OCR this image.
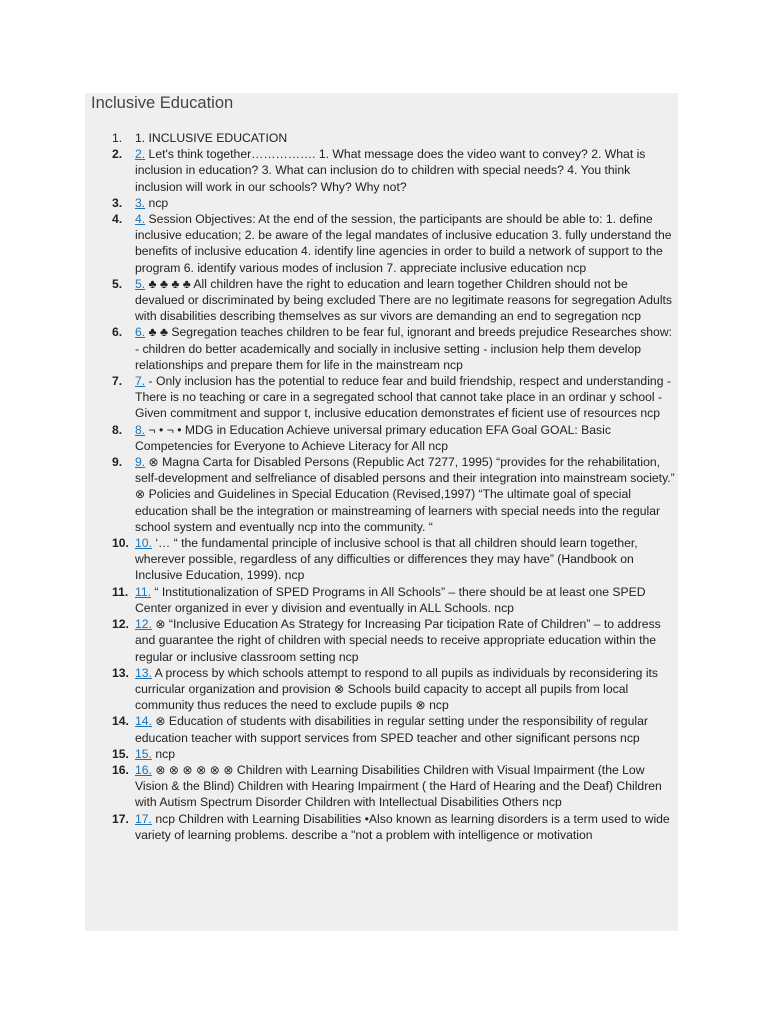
Inclusive Education
1. 1. INCLUSIVE EDUCATION
2. 2. Let's think together……………. 1. What message does the video want to convey? 2. What is inclusion in education? 3. What can inclusion do to children with special needs? 4. You think inclusion will work in our schools? Why? Why not?
3. 3. ncp
4. 4. Session Objectives: At the end of the session, the participants are should be able to: 1. define inclusive education; 2. be aware of the legal mandates of inclusive education 3. fully understand the benefits of inclusive education 4. identify line agencies in order to build a network of support to the program 6. identify various modes of inclusion 7. appreciate inclusive education ncp
5. 5. ♣ ♣ ♣ ♣ All children have the right to education and learn together Children should not be devalued or discriminated by being excluded There are no legitimate reasons for segregation Adults with disabilities describing themselves as sur vivors are demanding an end to segregation ncp
6. 6. ♣ ♣ Segregation teaches children to be fear ful, ignorant and breeds prejudice Researches show: - children do better academically and socially in inclusive setting - inclusion help them develop relationships and prepare them for life in the mainstream ncp
7. 7. - Only inclusion has the potential to reduce fear and build friendship, respect and understanding - There is no teaching or care in a segregated school that cannot take place in an ordinar y school - Given commitment and suppor t, inclusive education demonstrates ef ficient use of resources ncp
8. 8. ¬ • ¬ • MDG in Education Achieve universal primary education EFA Goal GOAL: Basic Competencies for Everyone to Achieve Literacy for All ncp
9. 9. ⊗ Magna Carta for Disabled Persons (Republic Act 7277, 1995) “provides for the rehabilitation, self-development and selfreliance of disabled persons and their integration into mainstream society.” ⊗ Policies and Guidelines in Special Education (Revised,1997) “The ultimate goal of special education shall be the integration or mainstreaming of learners with special needs into the regular school system and eventually ncp into the community. “
10. 10. ‘… “ the fundamental principle of inclusive school is that all children should learn together, wherever possible, regardless of any difficulties or differences they may have” (Handbook on Inclusive Education, 1999). ncp
11. 11. “ Institutionalization of SPED Programs in All Schools” – there should be at least one SPED Center organized in ever y division and eventually in ALL Schools. ncp
12. 12. ⊗ “Inclusive Education As Strategy for Increasing Par ticipation Rate of Children” – to address and guarantee the right of children with special needs to receive appropriate education within the regular or inclusive classroom setting ncp
13. 13. A process by which schools attempt to respond to all pupils as individuals by reconsidering its curricular organization and provision ⊗ Schools build capacity to accept all pupils from local community thus reduces the need to exclude pupils ⊗ ncp
14. 14. ⊗ Education of students with disabilities in regular setting under the responsibility of regular education teacher with support services from SPED teacher and other significant persons ncp
15. 15. ncp
16. 16. ⊗ ⊗ ⊗ ⊗ ⊗ ⊗ Children with Learning Disabilities Children with Visual Impairment (the Low Vision & the Blind) Children with Hearing Impairment ( the Hard of Hearing and the Deaf) Children with Autism Spectrum Disorder Children with Intellectual Disabilities Others ncp
17. 17. ncp Children with Learning Disabilities •Also known as learning disorders is a term used to wide variety of learning problems. describe a "not a problem with intelligence or motivation
